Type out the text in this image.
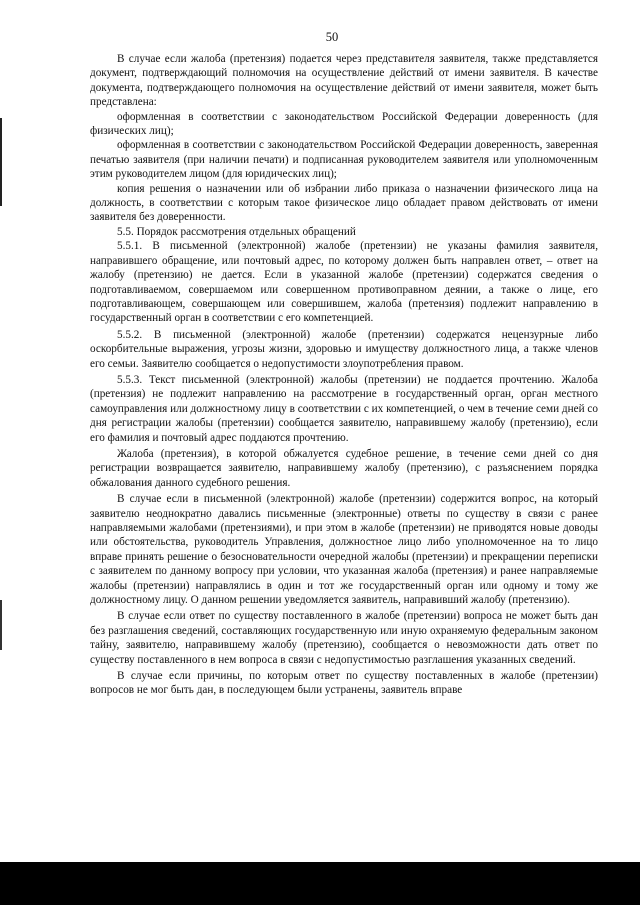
50

В случае если жалоба (претензия) подается через представителя заявителя, также представляется документ, подтверждающий полномочия на осуществление действий от имени заявителя. В качестве документа, подтверждающего полномочия на осуществление действий от имени заявителя, может быть представлена:

оформленная в соответствии с законодательством Российской Федерации доверенность (для физических лиц);

оформленная в соответствии с законодательством Российской Федерации доверенность, заверенная печатью заявителя (при наличии печати) и подписанная руководителем заявителя или уполномоченным этим руководителем лицом (для юридических лиц);

копия решения о назначении или об избрании либо приказа о назначении физического лица на должность, в соответствии с которым такое физическое лицо обладает правом действовать от имени заявителя без доверенности.

5.5. Порядок рассмотрения отдельных обращений

5.5.1. В письменной (электронной) жалобе (претензии) не указаны фамилия заявителя, направившего обращение, или почтовый адрес, по которому должен быть направлен ответ, – ответ на жалобу (претензию) не дается. Если в указанной жалобе (претензии) содержатся сведения о подготавливаемом, совершаемом или совершенном противоправном деянии, а также о лице, его подготавливающем, совершающем или совершившем, жалоба (претензия) подлежит направлению в государственный орган в соответствии с его компетенцией.

5.5.2. В письменной (электронной) жалобе (претензии) содержатся нецензурные либо оскорбительные выражения, угрозы жизни, здоровью и имуществу должностного лица, а также членов его семьи. Заявителю сообщается о недопустимости злоупотребления правом.

5.5.3. Текст письменной (электронной) жалобы (претензии) не поддается прочтению. Жалоба (претензия) не подлежит направлению на рассмотрение в государственный орган, орган местного самоуправления или должностному лицу в соответствии с их компетенцией, о чем в течение семи дней со дня регистрации жалобы (претензии) сообщается заявителю, направившему жалобу (претензию), если его фамилия и почтовый адрес поддаются прочтению.

Жалоба (претензия), в которой обжалуется судебное решение, в течение семи дней со дня регистрации возвращается заявителю, направившему жалобу (претензию), с разъяснением порядка обжалования данного судебного решения.

В случае если в письменной (электронной) жалобе (претензии) содержится вопрос, на который заявителю неоднократно давались письменные (электронные) ответы по существу в связи с ранее направляемыми жалобами (претензиями), и при этом в жалобе (претензии) не приводятся новые доводы или обстоятельства, руководитель Управления, должностное лицо либо уполномоченное на то лицо вправе принять решение о безосновательности очередной жалобы (претензии) и прекращении переписки с заявителем по данному вопросу при условии, что указанная жалоба (претензия) и ранее направляемые жалобы (претензии) направлялись в один и тот же государственный орган или одному и тому же должностному лицу. О данном решении уведомляется заявитель, направивший жалобу (претензию).

В случае если ответ по существу поставленного в жалобе (претензии) вопроса не может быть дан без разглашения сведений, составляющих государственную или иную охраняемую федеральным законом тайну, заявителю, направившему жалобу (претензию), сообщается о невозможности дать ответ по существу поставленного в нем вопроса в связи с недопустимостью разглашения указанных сведений.

В случае если причины, по которым ответ по существу поставленных в жалобе (претензии) вопросов не мог быть дан, в последующем были устранены, заявитель вправе
